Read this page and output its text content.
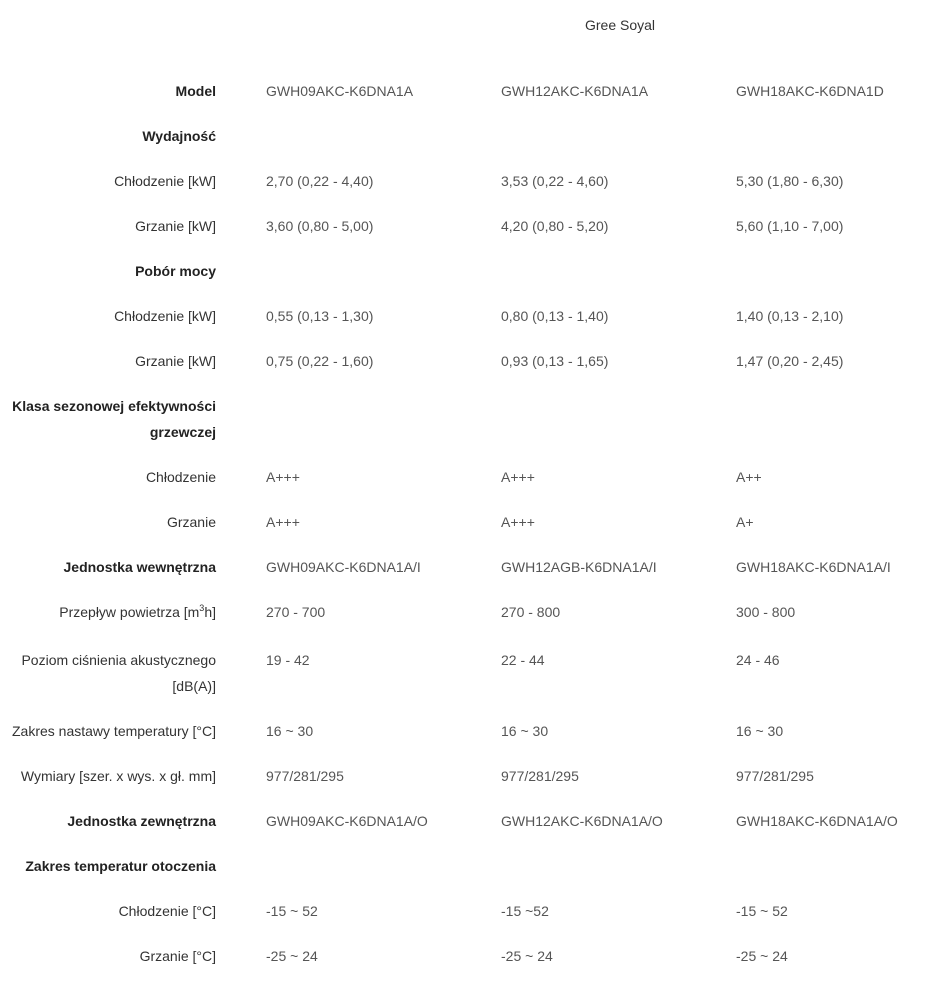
Gree Soyal
Model	GWH09AKC-K6DNA1A	GWH12AKC-K6DNA1A	GWH18AKC-K6DNA1D
Wydajność			
Chłodzenie [kW]	2,70 (0,22 - 4,40)	3,53 (0,22 - 4,60)	5,30 (1,80 - 6,30)
Grzanie [kW]	3,60 (0,80 - 5,00)	4,20 (0,80 - 5,20)	5,60 (1,10 - 7,00)
Pobór mocy			
Chłodzenie [kW]	0,55 (0,13 - 1,30)	0,80 (0,13 - 1,40)	1,40 (0,13 - 2,10)
Grzanie [kW]	0,75 (0,22 - 1,60)	0,93 (0,13 - 1,65)	1,47 (0,20 - 2,45)
Klasa sezonowej efektywności grzewczej			
Chłodzenie	A+++	A+++	A++
Grzanie	A+++	A+++	A+
Jednostka wewnętrzna	GWH09AKC-K6DNA1A/I	GWH12AGB-K6DNA1A/I	GWH18AKC-K6DNA1A/I
Przepływ powietrza $[m^3h]$	270 - 700	270 - 800	300 - 800
Poziom ciśnienia akustycznego [dB(A)]	19 - 42	22 - 44	24 - 46
Zakres nastawy temperatury [°C]	16 ~ 30	16 ~ 30	16 ~ 30
Wymiary [szer. x wys. x gł. mm]	977/281/295	977/281/295	977/281/295
Jednostka zewnętrzna	GWH09AKC-K6DNA1A/O	GWH12AKC-K6DNA1A/O	GWH18AKC-K6DNA1A/O
Zakres temperatur otoczenia			
Chłodzenie [°C]	-15 ~ 52	-15 ~52	-15 ~ 52
Grzanie [°C]	-25 ~ 24	-25 ~ 24	-25 ~ 24
